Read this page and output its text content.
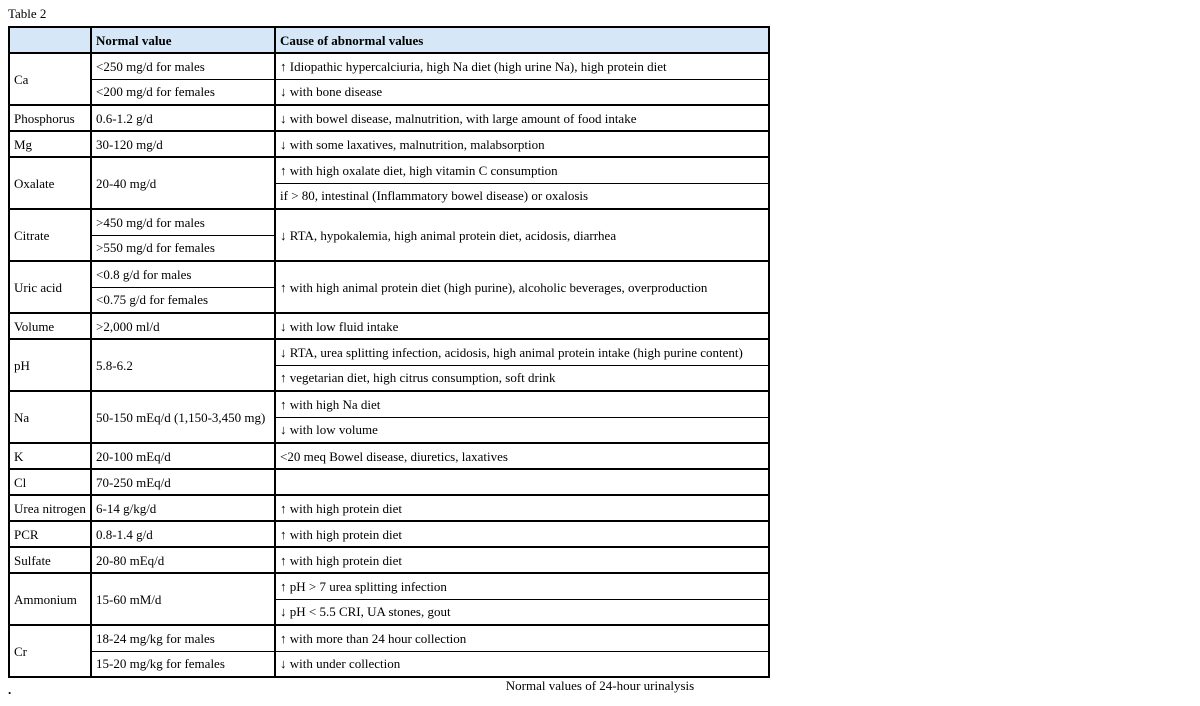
Table 2
	Normal value	Cause of abnormal values
Ca	<250 mg/d for males	↑ Idiopathic hypercalciuria, high Na diet (high urine Na), high protein diet
	<200 mg/d for females	↓ with bone disease
Phosphorus	0.6-1.2 g/d	↓ with bowel disease, malnutrition, with large amount of food intake
Mg	30-120 mg/d	↓ with some laxatives, malnutrition, malabsorption
Oxalate	20-40 mg/d	↑ with high oxalate diet, high vitamin C consumption
		if > 80, intestinal (Inflammatory bowel disease) or oxalosis
Citrate	>450 mg/d for males	↓ RTA, hypokalemia, high animal protein diet, acidosis, diarrhea
	>550 mg/d for females	
Uric acid	<0.8 g/d for males	↑ with high animal protein diet (high purine), alcoholic beverages, overproduction
	<0.75 g/d for females	
Volume	>2,000 ml/d	↓ with low fluid intake
pH	5.8-6.2	↓ RTA, urea splitting infection, acidosis, high animal protein intake (high purine content)
		↑ vegetarian diet, high citrus consumption, soft drink
Na	50-150 mEq/d (1,150-3,450 mg)	↑ with high Na diet
		↓ with low volume
K	20-100 mEq/d	<20 meq Bowel disease, diuretics, laxatives
Cl	70-250 mEq/d	
Urea nitrogen	6-14 g/kg/d	↑ with high protein diet
PCR	0.8-1.4 g/d	↑ with high protein diet
Sulfate	20-80 mEq/d	↑ with high protein diet
Ammonium	15-60 mM/d	↑ pH > 7 urea splitting infection
		↓ pH < 5.5 CRI, UA stones, gout
Cr	18-24 mg/kg for males	↑ with more than 24 hour collection
	15-20 mg/kg for females	↓ with under collection
Normal values of 24-hour urinalysis
.
